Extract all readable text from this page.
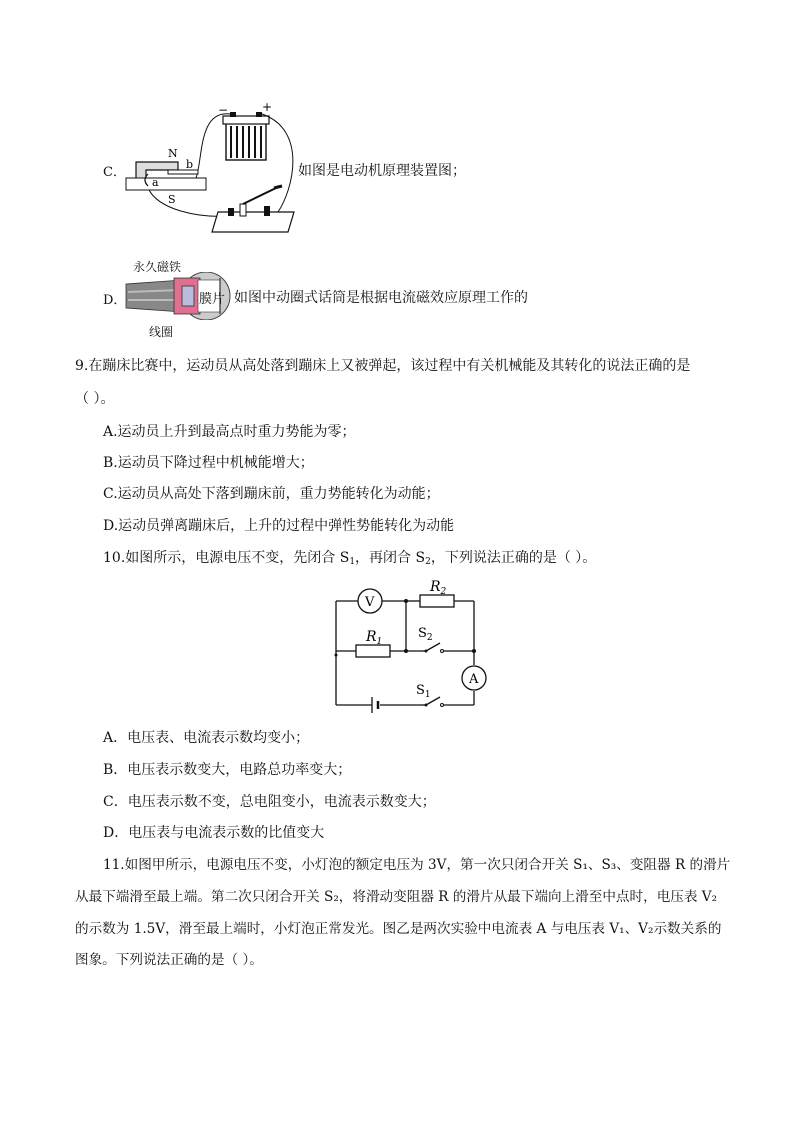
C．
−	+
N
b
a
S
如图是电动机原理装置图；
D．
永久磁铁
膜片
线圈
如图中动圈式话筒是根据电流磁效应原理工作的
9.在蹦床比赛中，运动员从高处落到蹦床上又被弹起，该过程中有关机械能及其转化的说法正确的是
（ ）。
A.运动员上升到最高点时重力势能为零；
B.运动员下降过程中机械能增大；
C.运动员从高处下落到蹦床前，重力势能转化为动能；
D.运动员弹离蹦床后，上升的过程中弹性势能转化为动能
10.如图所示，电源电压不变，先闭合 $S_1$，再闭合 $S_2$，下列说法正确的是（ ）。
V
A
$R_2$
$R_1$
$S_2$
$S_1$
A．电压表、电流表示数均变小；
B．电压表示数变大，电路总功率变大；
C．电压表示数不变，总电阻变小，电流表示数变大；
D．电压表与电流表示数的比值变大
11.如图甲所示，电源电压不变，小灯泡的额定电压为 3V，第一次只闭合开关 S₁、S₃、变阻器 R 的滑片
从最下端滑至最上端。第二次只闭合开关 S₂，将滑动变阻器 R 的滑片从最下端向上滑至中点时，电压表 V₂
的示数为 1.5V，滑至最上端时，小灯泡正常发光。图乙是两次实验中电流表 A 与电压表 V₁、V₂示数关系的
图象。下列说法正确的是（ ）。
